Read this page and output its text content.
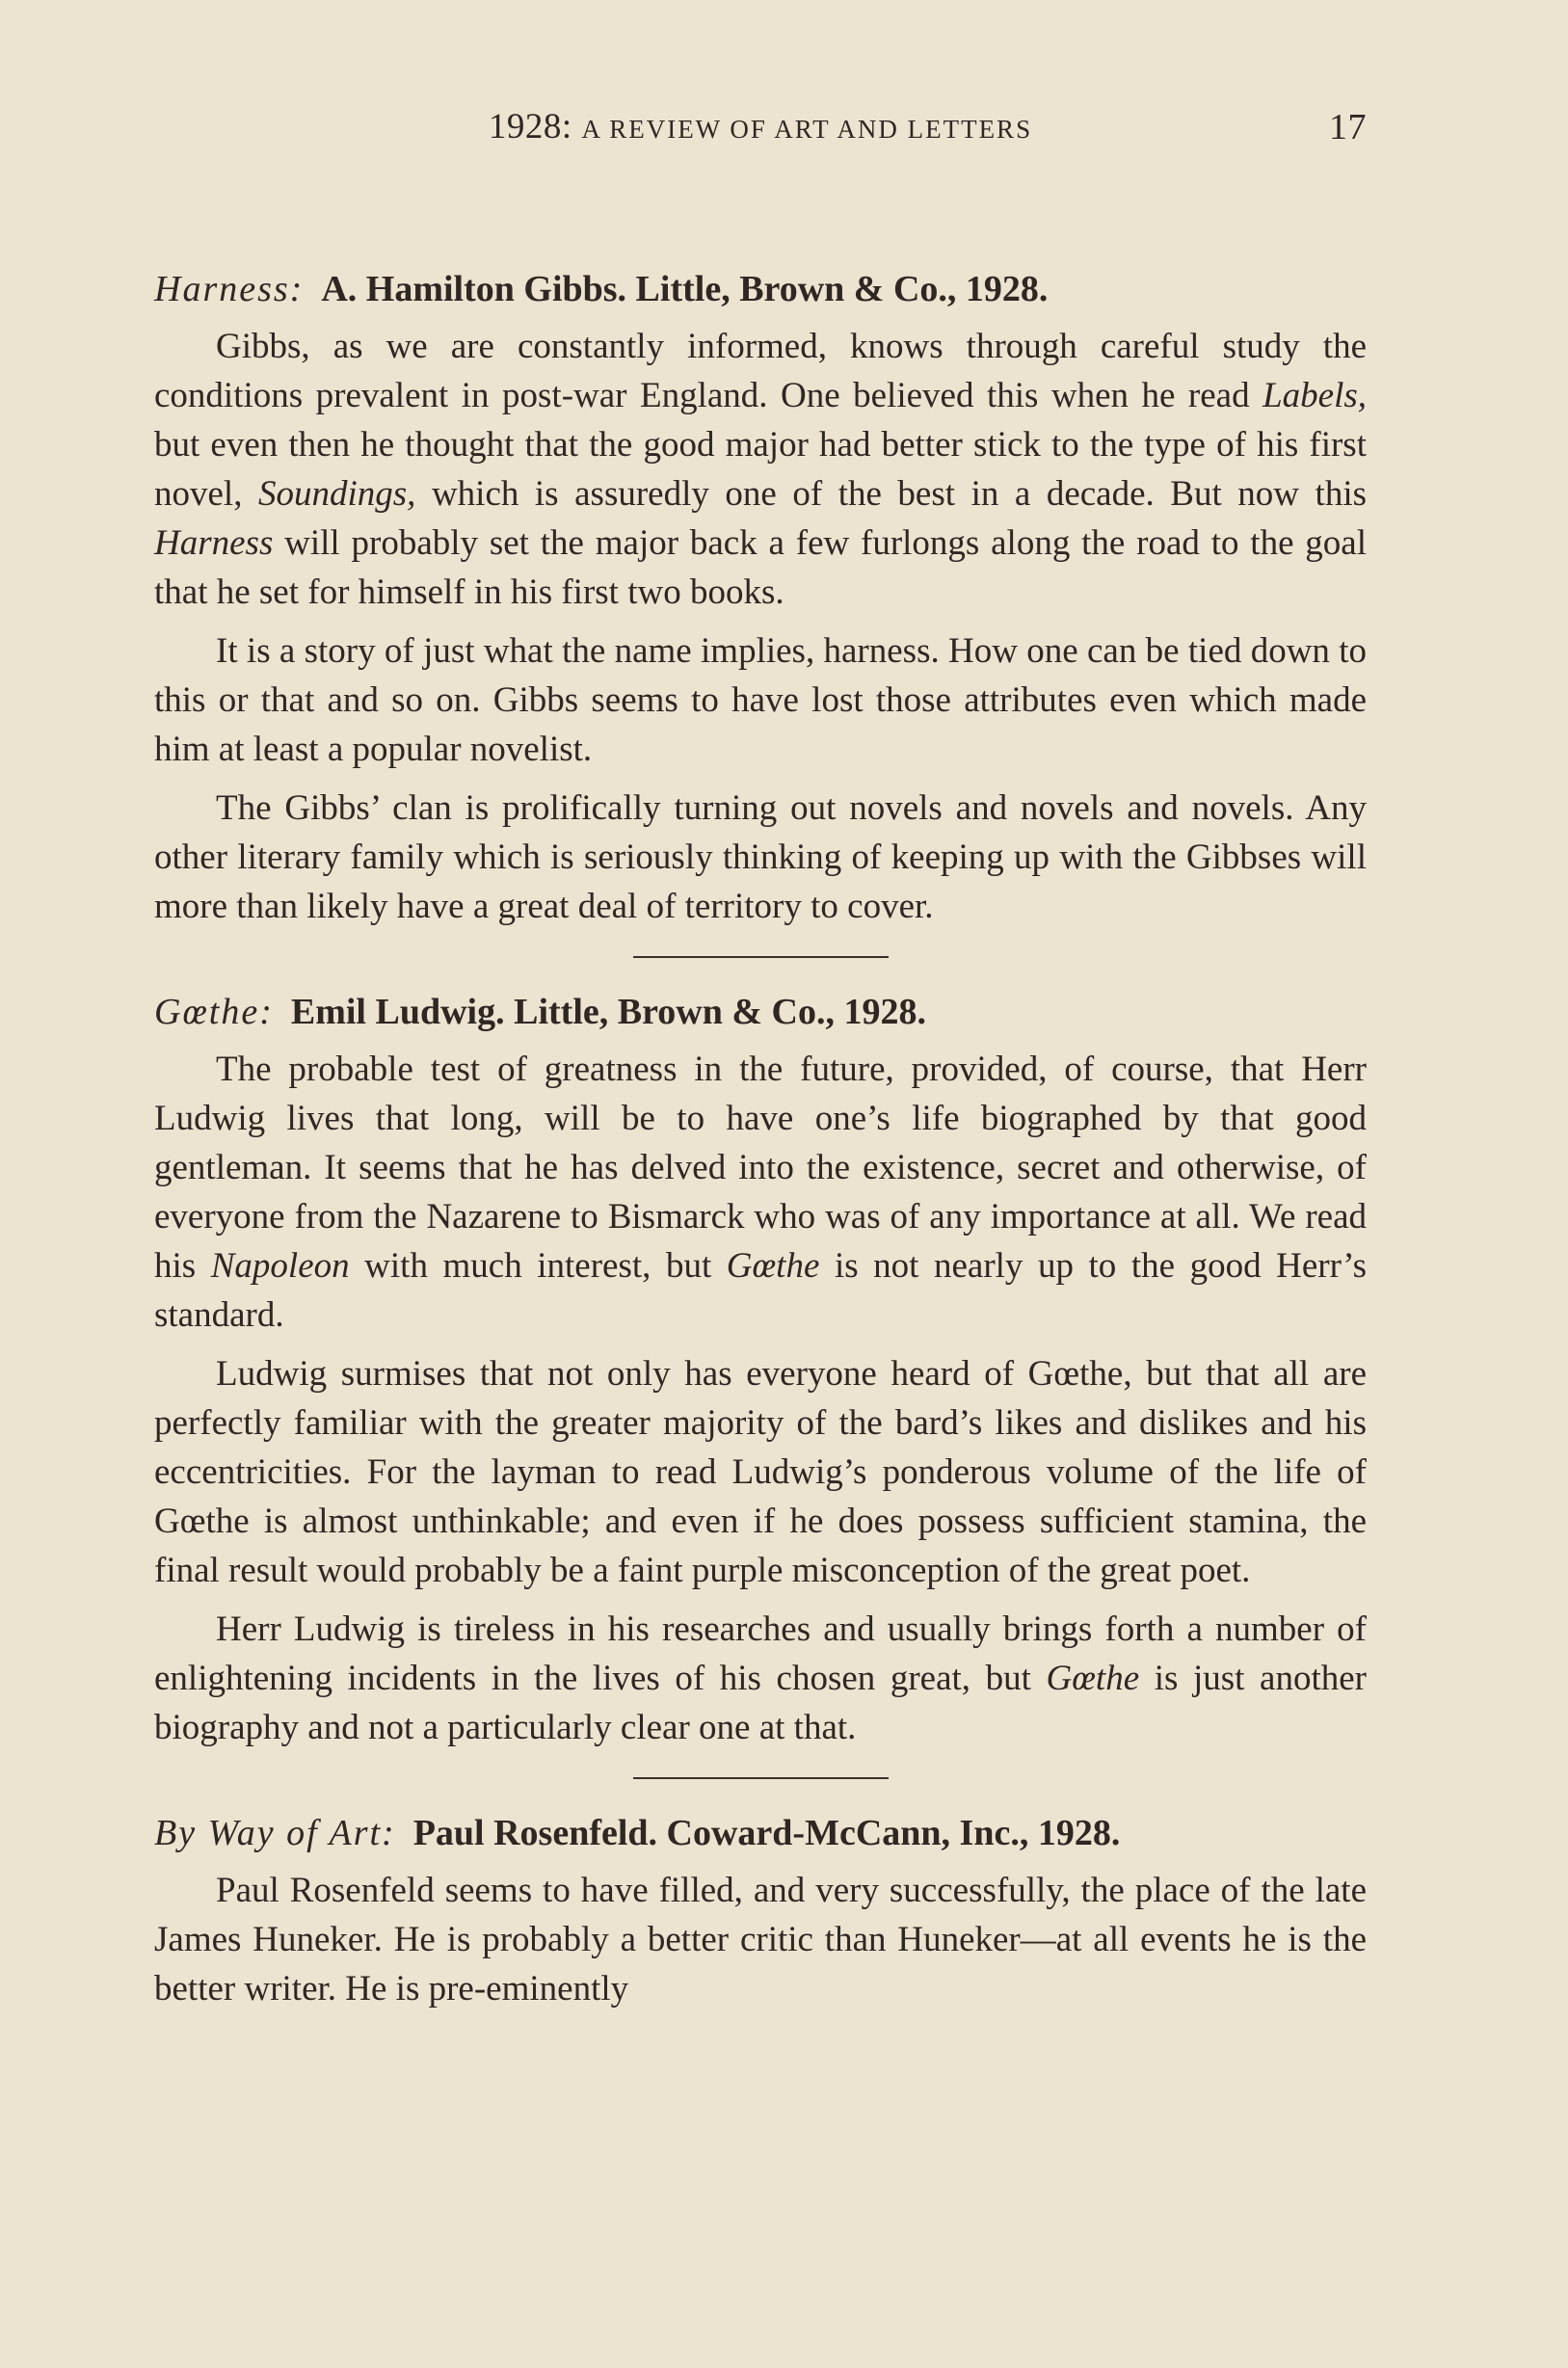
1928: A REVIEW OF ART AND LETTERS	17
Harness: A. Hamilton Gibbs. Little, Brown & Co., 1928.

Gibbs, as we are constantly informed, knows through careful study the conditions prevalent in post-war England. One believed this when he read Labels, but even then he thought that the good major had better stick to the type of his first novel, Soundings, which is assuredly one of the best in a decade. But now this Harness will probably set the major back a few furlongs along the road to the goal that he set for himself in his first two books.

It is a story of just what the name implies, harness. How one can be tied down to this or that and so on. Gibbs seems to have lost those attributes even which made him at least a popular novelist.

The Gibbs’ clan is prolifically turning out novels and novels and novels. Any other literary family which is seriously thinking of keeping up with the Gibbses will more than likely have a great deal of territory to cover.

Gœthe: Emil Ludwig. Little, Brown & Co., 1928.

The probable test of greatness in the future, provided, of course, that Herr Ludwig lives that long, will be to have one’s life biographed by that good gentleman. It seems that he has delved into the existence, secret and otherwise, of everyone from the Nazarene to Bismarck who was of any importance at all. We read his Napoleon with much interest, but Gœthe is not nearly up to the good Herr’s standard.

Ludwig surmises that not only has everyone heard of Gœthe, but that all are perfectly familiar with the greater majority of the bard’s likes and dislikes and his eccentricities. For the layman to read Ludwig’s ponderous volume of the life of Gœthe is almost unthinkable; and even if he does possess sufficient stamina, the final result would probably be a faint purple misconception of the great poet.

Herr Ludwig is tireless in his researches and usually brings forth a number of enlightening incidents in the lives of his chosen great, but Gœthe is just another biography and not a particularly clear one at that.

By Way of Art: Paul Rosenfeld. Coward-McCann, Inc., 1928.

Paul Rosenfeld seems to have filled, and very successfully, the place of the late James Huneker. He is probably a better critic than Huneker—at all events he is the better writer. He is pre-eminently
